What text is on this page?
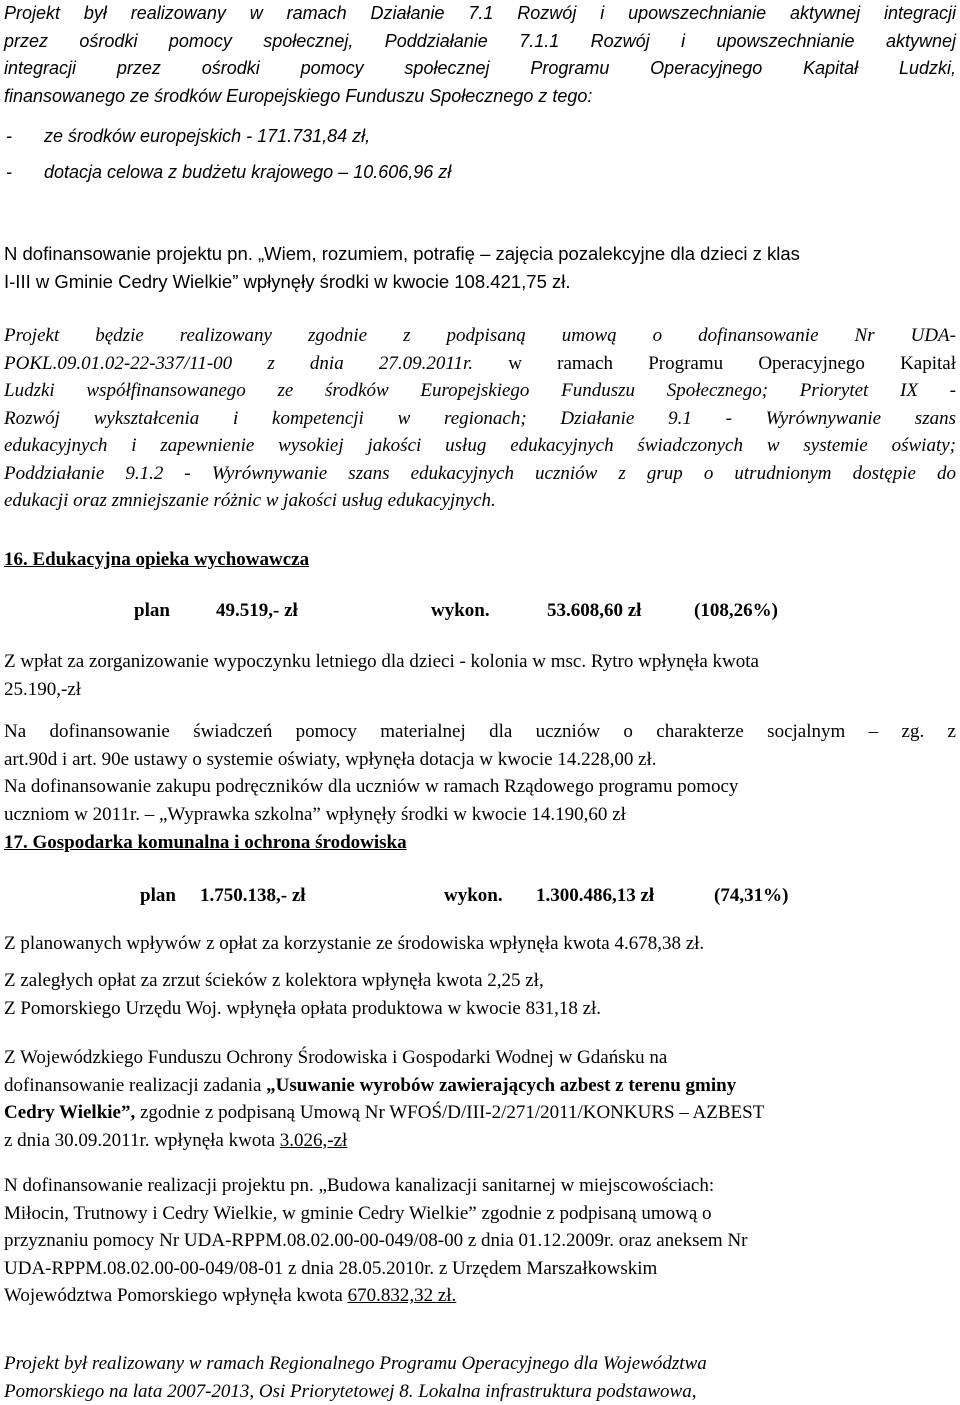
Projekt był realizowany w ramach Działanie 7.1 Rozwój i upowszechnianie aktywnej integracji

przez ośrodki pomocy społecznej, Poddziałanie 7.1.1 Rozwój i upowszechnianie aktywnej

integracji przez ośrodki pomocy społecznej Programu Operacyjnego Kapitał Ludzki,

finansowanego ze środków Europejskiego Funduszu Społecznego z tego:

-	ze środków europejskich - 171.731,84 zł,
-	dotacja celowa z budżetu krajowego – 10.606,96 zł

N dofinansowanie projektu pn. „Wiem, rozumiem, potrafię – zajęcia pozalekcyjne dla dzieci z klas

I-III w Gminie Cedry Wielkie” wpłynęły środki w kwocie 108.421,75 zł.

Projekt będzie realizowany zgodnie z podpisaną umową o dofinansowanie Nr UDA-

POKL.09.01.02-22-337/11-00 z dnia 27.09.2011r. w ramach Programu Operacyjnego Kapitał

Ludzki współfinansowanego ze środków Europejskiego Funduszu Społecznego; Priorytet IX -

Rozwój wykształcenia i kompetencji w regionach; Działanie 9.1 - Wyrównywanie szans

edukacyjnych i zapewnienie wysokiej jakości usług edukacyjnych świadczonych w systemie oświaty;

Poddziałanie 9.1.2 - Wyrównywanie szans edukacyjnych uczniów z grup o utrudnionym dostępie do

edukacji oraz zmniejszanie różnic w jakości usług edukacyjnych.

16. Edukacyjna opieka wychowawcza

plan 49.519,- zł	wykon.	53.608,60 zł	(108,26%)

Z wpłat za zorganizowanie wypoczynku letniego dla dzieci - kolonia w msc. Rytro wpłynęła kwota

25.190,-zł

Na dofinansowanie świadczeń pomocy materialnej dla uczniów o charakterze socjalnym – zg. z

art.90d i art. 90e ustawy o systemie oświaty, wpłynęła dotacja w kwocie 14.228,00 zł.

Na dofinansowanie zakupu podręczników dla uczniów w ramach Rządowego programu pomocy

uczniom w 2011r. – „Wyprawka szkolna” wpłynęły środki w kwocie 14.190,60 zł

17. Gospodarka komunalna i ochrona środowiska

plan 1.750.138,- zł	wykon. 1.300.486,13 zł	(74,31%)

Z planowanych wpływów z opłat za korzystanie ze środowiska wpłynęła kwota 4.678,38 zł.

Z zaległych opłat za zrzut ścieków z kolektora wpłynęła kwota 2,25 zł,

Z Pomorskiego Urzędu Woj. wpłynęła opłata produktowa w kwocie 831,18 zł.

Z Wojewódzkiego Funduszu Ochrony Środowiska i Gospodarki Wodnej w Gdańsku na

dofinansowanie realizacji zadania „Usuwanie wyrobów zawierających azbest z terenu gminy

Cedry Wielkie”, zgodnie z podpisaną Umową Nr WFOŚ/D/III-2/271/2011/KONKURS – AZBEST

z dnia 30.09.2011r. wpłynęła kwota 3.026,-zł

N dofinansowanie realizacji projektu pn. „Budowa kanalizacji sanitarnej w miejscowościach:

Miłocin, Trutnowy i Cedry Wielkie, w gminie Cedry Wielkie” zgodnie z podpisaną umową o

przyznaniu pomocy Nr UDA-RPPM.08.02.00-00-049/08-00 z dnia 01.12.2009r. oraz aneksem Nr

UDA-RPPM.08.02.00-00-049/08-01 z dnia 28.05.2010r. z Urzędem Marszałkowskim

Województwa Pomorskiego wpłynęła kwota 670.832,32 zł.

Projekt był realizowany w ramach Regionalnego Programu Operacyjnego dla Województwa

Pomorskiego na lata 2007-2013, Osi Priorytetowej 8. Lokalna infrastruktura podstawowa,
